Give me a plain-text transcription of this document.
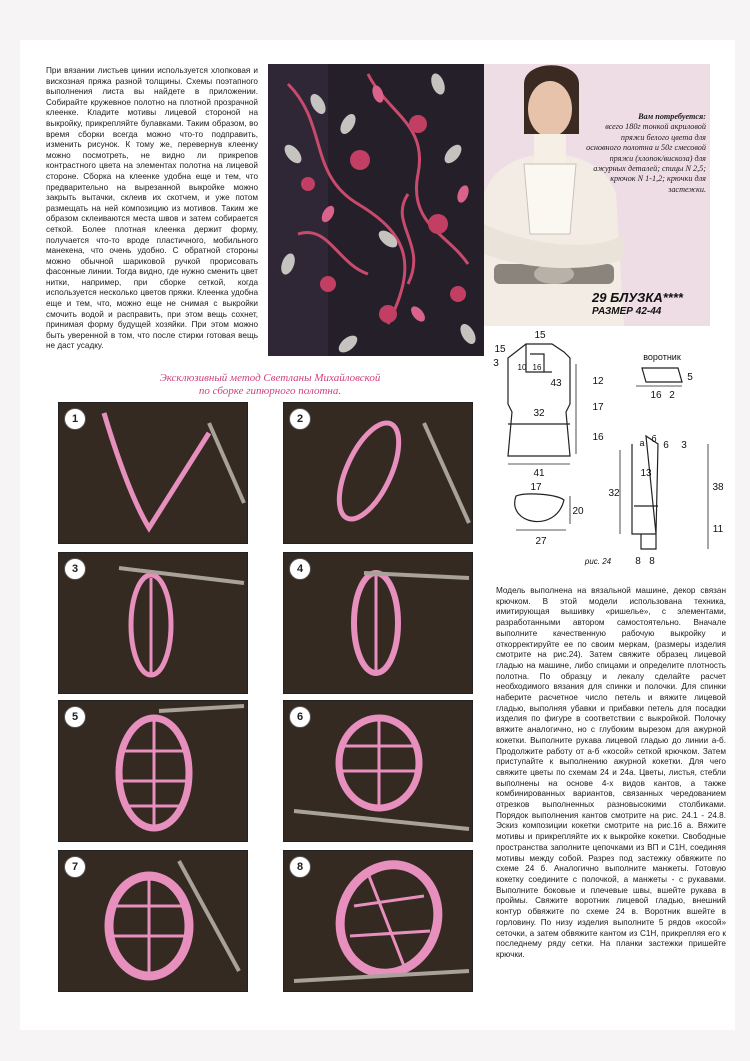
При вязании листьев цинии используется хлопковая и вискозная пряжа разной толщины. Схемы поэтапного выполнения листа вы найдете в приложении. Собирайте кружевное полотно на плотной прозрачной клеенке. Кладите мотивы лицевой стороной на выкройку, прикрепляйте булавками. Таким образом, во время сборки всегда можно что-то подправить, изменить рисунок. К тому же, перевернув клеенку можно посмотреть, не видно ли прикрепов контрастного цвета на элементах полотна на лицевой стороне. Сборка на клеенке удобна еще и тем, что предварительно на вырезанной выкройке можно закрыть вытачки, склеив их скотчем, и уже потом размещать на ней композицию из мотивов. Таким же образом склеиваются места швов и затем собирается сеткой. Более плотная клеенка держит форму, получается что-то вроде пластичного, мобильного манекена, что очень удобно. С обратной стороны можно обычной шариковой ручкой прорисовать фасонные линии. Тогда видно, где нужно сменить цвет нитки, например, при сборке сеткой, когда используется несколько цветов пряжи. Клеенка удобна еще и тем, что, можно еще не снимая с выкройки смочить водой и расправить, при этом вещь сохнет, принимая форму будущей хозяйки. При этом можно быть уверенной в том, что после стирки готовая вещь не даст усадку.
Вам потребуется:
всего 180г тонкой акриловой пряжи белого цвета для основного полотна и 50г смесовой пряжи (хлопок/вискоза) для ажурных деталей; спицы N 2,5; крючок N 1-1,2; крючки для застежки.
29 БЛУЗКА****
РАЗМЕР 42-44
Эксклюзивный метод Светланы Михайловской
по сборке гипюрного полотна.
1	2
3	4
5	6
7	8
15
15
3 10 16
43	12
17
16
32
41
воротник
5
16 2
а б
6 3
13
32
38
11
8 8
17
20
27
рис. 24
Модель выполнена на вязальной машине, декор связан крючком. В этой модели использована техника, имитирующая вышивку «ришелье», с элементами, разработанными автором самостоятельно. Вначале выполните качественную рабочую выкройку и откорректируйте ее по своим меркам, (размеры изделия смотрите на рис.24). Затем свяжите образец лицевой гладью на машине, либо спицами и определите плотность полотна. По образцу и лекалу сделайте расчет необходимого вязания для спинки и полочки. Для спинки наберите расчетное число петель и вяжите лицевой гладью, выполняя убавки и прибавки петель для посадки изделия по фигуре в соответствии с выкройкой. Полочку вяжите аналогично, но с глубоким вырезом для ажурной кокетки. Выполните рукава лицевой гладью до линии а-б. Продолжите работу от а-б «косой» сеткой крючком. Затем приступайте к выполнению ажурной кокетки. Для чего свяжите цветы по схемам 24 и 24а. Цветы, листья, стебли выполнены на основе 4-х видов кантов, а также комбинированных вариантов, связанных чередованием отрезков выполненных разновысокими столбиками. Порядок выполнения кантов смотрите на рис. 24.1 - 24.8. Эскиз композиции кокетки смотрите на рис.16 а. Вяжите мотивы и прикрепляйте их к выкройке кокетки. Свободные пространства заполните цепочками из ВП и С1Н, соединяя мотивы между собой. Разрез под застежку обвяжите по схеме 24 б. Аналогично выполните манжеты. Готовую кокетку соедините с полочкой, а манжеты - с рукавами. Выполните боковые и плечевые швы, вшейте рукава в проймы. Свяжите воротник лицевой гладью, внешний контур обвяжите по схеме 24 в. Воротник вшейте в горловину. По низу изделия выполните 5 рядов «косой» сеточки, а затем обвяжите кантом из С1Н, прикрепляя его к последнему ряду сетки. На планки застежки пришейте крючки.
